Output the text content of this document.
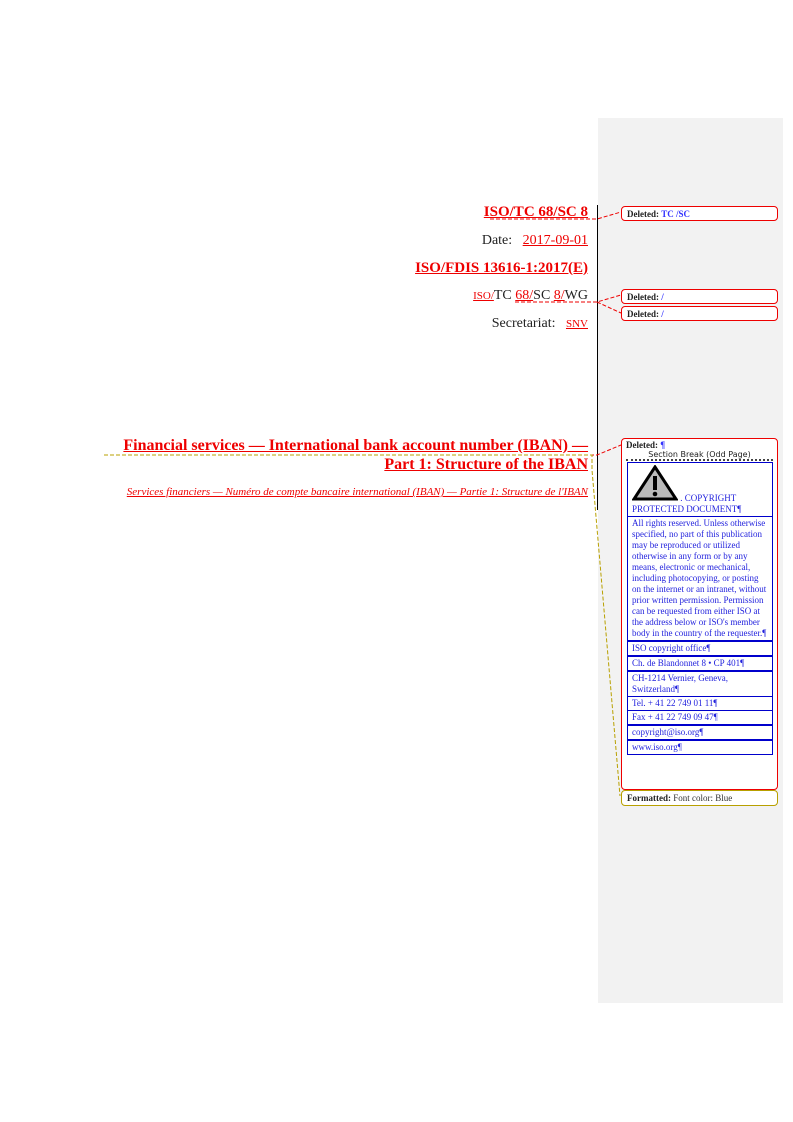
ISO/TC 68/SC 8
Date: 2017-09-01
ISO/FDIS 13616-1:2017(E)
ISO/TC 68/SC 8/WG
Secretariat: SNV
Financial services — International bank account number (IBAN) —
Part 1: Structure of the IBAN
Services financiers — Numéro de compte bancaire international (IBAN) — Partie 1: Structure de l'IBAN
Deleted: TC /SC
Deleted: /
Deleted: /
Deleted: ¶
Section Break (Odd Page)
. COPYRIGHT PROTECTED DOCUMENT¶
All rights reserved. Unless otherwise specified, no part of this publication may be reproduced or utilized otherwise in any form or by any means, electronic or mechanical, including photocopying, or posting on the internet or an intranet, without prior written permission. Permission can be requested from either ISO at the address below or ISO's member body in the country of the requester.¶
ISO copyright office¶
Ch. de Blandonnet 8 • CP 401¶
CH-1214 Vernier, Geneva, Switzerland¶
Tel. + 41 22 749 01 11¶
Fax + 41 22 749 09 47¶
copyright@iso.org¶
www.iso.org¶
Formatted: Font color: Blue
